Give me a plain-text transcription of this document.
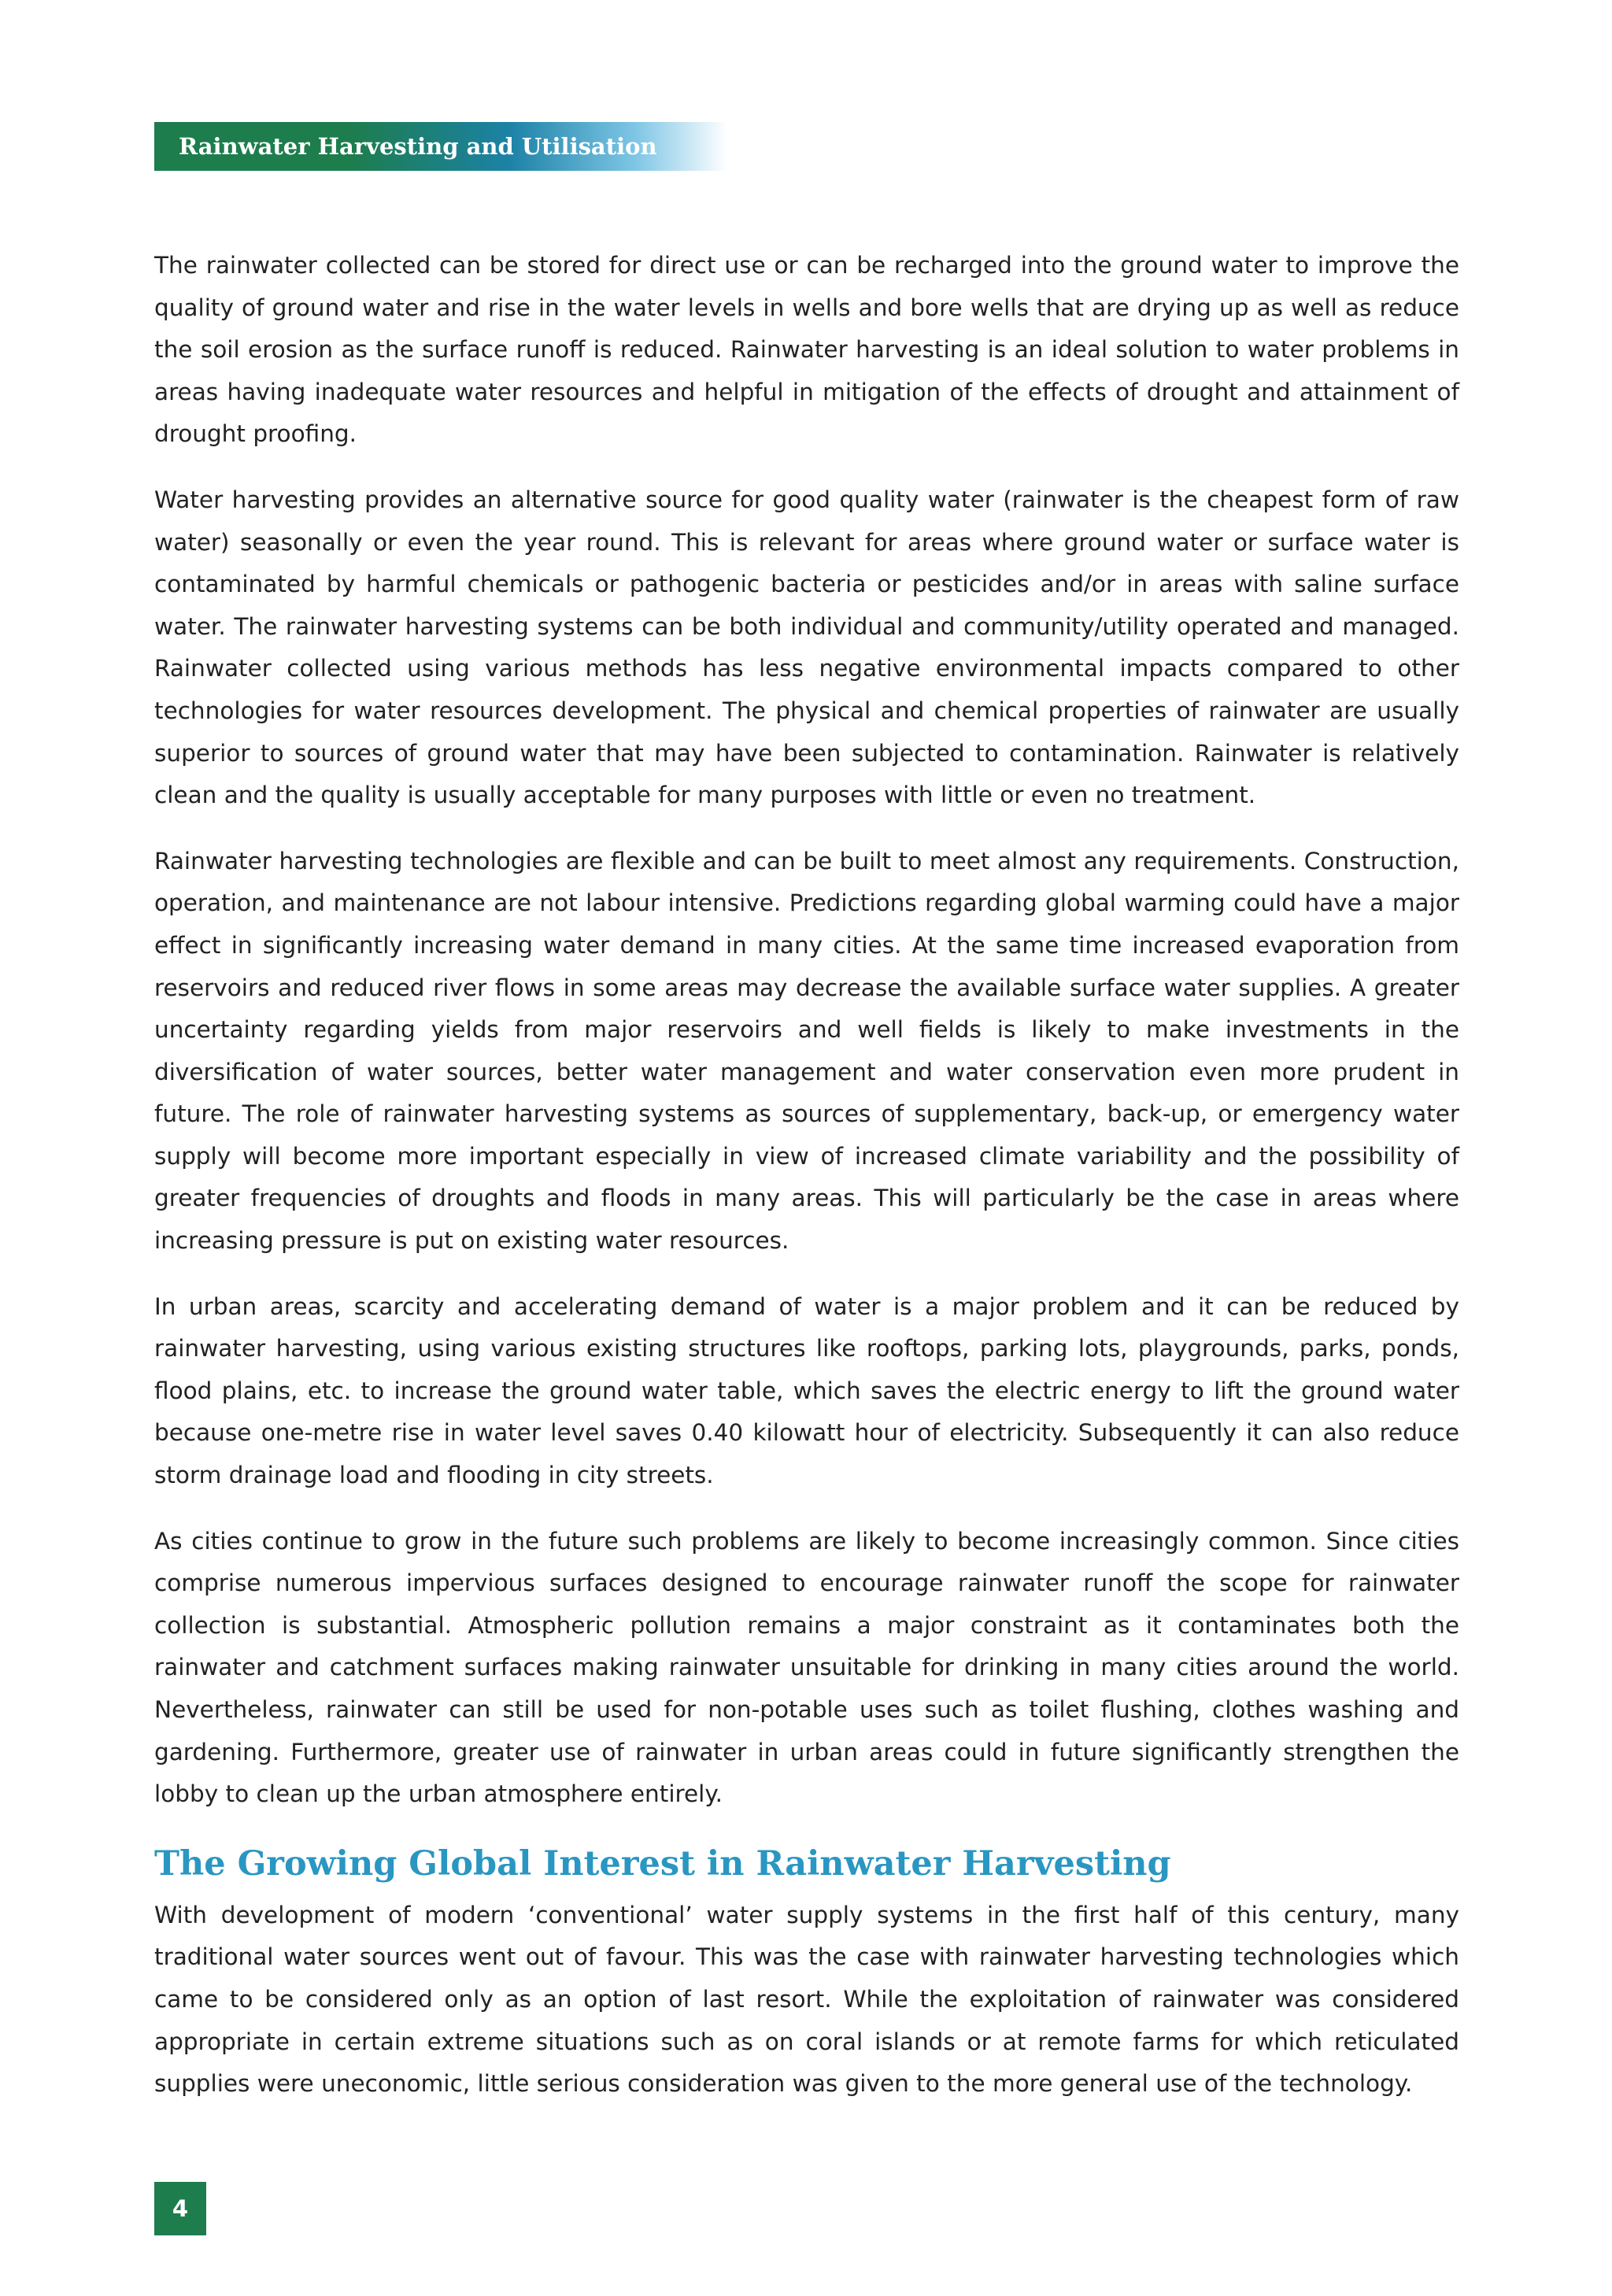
Rainwater Harvesting and Utilisation

The rainwater collected can be stored for direct use or can be recharged into the ground water to improve the quality of ground water and rise in the water levels in wells and bore wells that are drying up as well as reduce the soil erosion as the surface runoff is reduced. Rainwater harvesting is an ideal solution to water problems in areas having inadequate water resources and helpful in mitigation of the effects of drought and attainment of drought proofing.

Water harvesting provides an alternative source for good quality water (rainwater is the cheapest form of raw water) seasonally or even the year round. This is relevant for areas where ground water or surface water is contaminated by harmful chemicals or pathogenic bacteria or pesticides and/or in areas with saline surface water. The rainwater harvesting systems can be both individual and community/utility operated and managed. Rainwater collected using various methods has less negative environmental impacts compared to other technologies for water resources development. The physical and chemical properties of rainwater are usually superior to sources of ground water that may have been subjected to contamination. Rainwater is relatively clean and the quality is usually acceptable for many purposes with little or even no treatment.

Rainwater harvesting technologies are flexible and can be built to meet almost any requirements. Construction, operation, and maintenance are not labour intensive. Predictions regarding global warming could have a major effect in significantly increasing water demand in many cities. At the same time increased evaporation from reservoirs and reduced river flows in some areas may decrease the available surface water supplies. A greater uncertainty regarding yields from major reservoirs and well fields is likely to make investments in the diversification of water sources, better water management and water conservation even more prudent in future. The role of rainwater harvesting systems as sources of supplementary, back-up, or emergency water supply will become more important especially in view of increased climate variability and the possibility of greater frequencies of droughts and floods in many areas. This will particularly be the case in areas where increasing pressure is put on existing water resources.

In urban areas, scarcity and accelerating demand of water is a major problem and it can be reduced by rainwater harvesting, using various existing structures like rooftops, parking lots, playgrounds, parks, ponds, flood plains, etc. to increase the ground water table, which saves the electric energy to lift the ground water because one-metre rise in water level saves 0.40 kilowatt hour of electricity. Subsequently it can also reduce storm drainage load and flooding in city streets.

As cities continue to grow in the future such problems are likely to become increasingly common. Since cities comprise numerous impervious surfaces designed to encourage rainwater runoff the scope for rainwater collection is substantial. Atmospheric pollution remains a major constraint as it contaminates both the rainwater and catchment surfaces making rainwater unsuitable for drinking in many cities around the world. Nevertheless, rainwater can still be used for non-potable uses such as toilet flushing, clothes washing and gardening. Furthermore, greater use of rainwater in urban areas could in future significantly strengthen the lobby to clean up the urban atmosphere entirely.

The Growing Global Interest in Rainwater Harvesting

With development of modern ‘conventional’ water supply systems in the first half of this century, many traditional water sources went out of favour. This was the case with rainwater harvesting technologies which came to be considered only as an option of last resort. While the exploitation of rainwater was considered appropriate in certain extreme situations such as on coral islands or at remote farms for which reticulated supplies were uneconomic, little serious consideration was given to the more general use of the technology.

4
